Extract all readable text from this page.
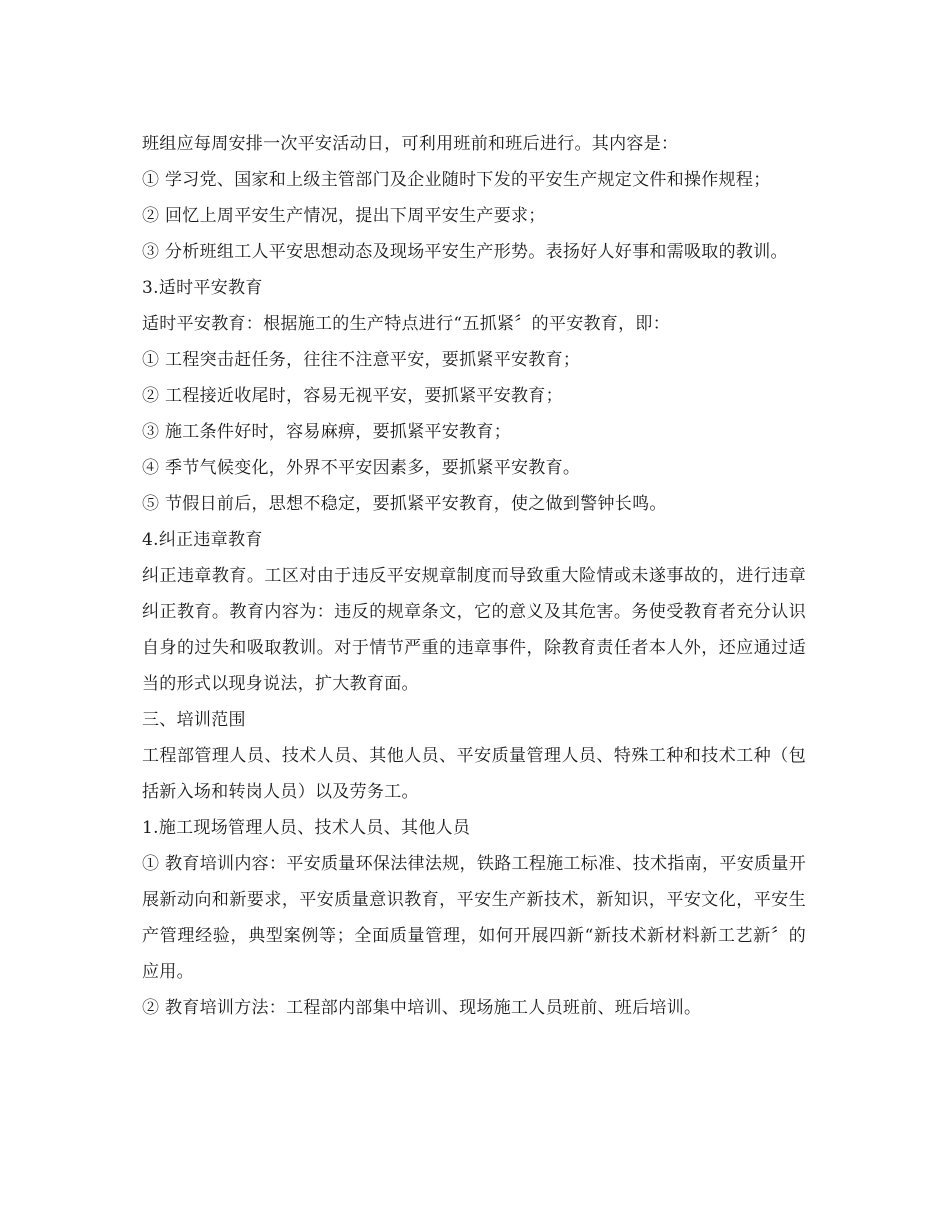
班组应每周安排一次平安活动日，可利用班前和班后进行。其内容是：

① 学习党、国家和上级主管部门及企业随时下发的平安生产规定文件和操作规程；

② 回忆上周平安生产情况，提出下周平安生产要求；

③ 分析班组工人平安思想动态及现场平安生产形势。表扬好人好事和需吸取的教训。

3.适时平安教育

适时平安教育：根据施工的生产特点进行“五抓紧〞的平安教育，即：

① 工程突击赶任务，往往不注意平安，要抓紧平安教育；

② 工程接近收尾时，容易无视平安，要抓紧平安教育；

③ 施工条件好时，容易麻痹，要抓紧平安教育；

④ 季节气候变化，外界不平安因素多，要抓紧平安教育。

⑤ 节假日前后，思想不稳定，要抓紧平安教育，使之做到警钟长鸣。

4.纠正违章教育

纠正违章教育。工区对由于违反平安规章制度而导致重大险情或未遂事故的，进行违章纠正教育。教育内容为：违反的规章条文，它的意义及其危害。务使受教育者充分认识自身的过失和吸取教训。对于情节严重的违章事件，除教育责任者本人外，还应通过适当的形式以现身说法，扩大教育面。

三、培训范围

工程部管理人员、技术人员、其他人员、平安质量管理人员、特殊工种和技术工种（包括新入场和转岗人员）以及劳务工。

1.施工现场管理人员、技术人员、其他人员

① 教育培训内容：平安质量环保法律法规，铁路工程施工标准、技术指南，平安质量开展新动向和新要求，平安质量意识教育，平安生产新技术，新知识，平安文化，平安生产管理经验，典型案例等；全面质量管理，如何开展四新“新技术新材料新工艺新〞的应用。

② 教育培训方法：工程部内部集中培训、现场施工人员班前、班后培训。
